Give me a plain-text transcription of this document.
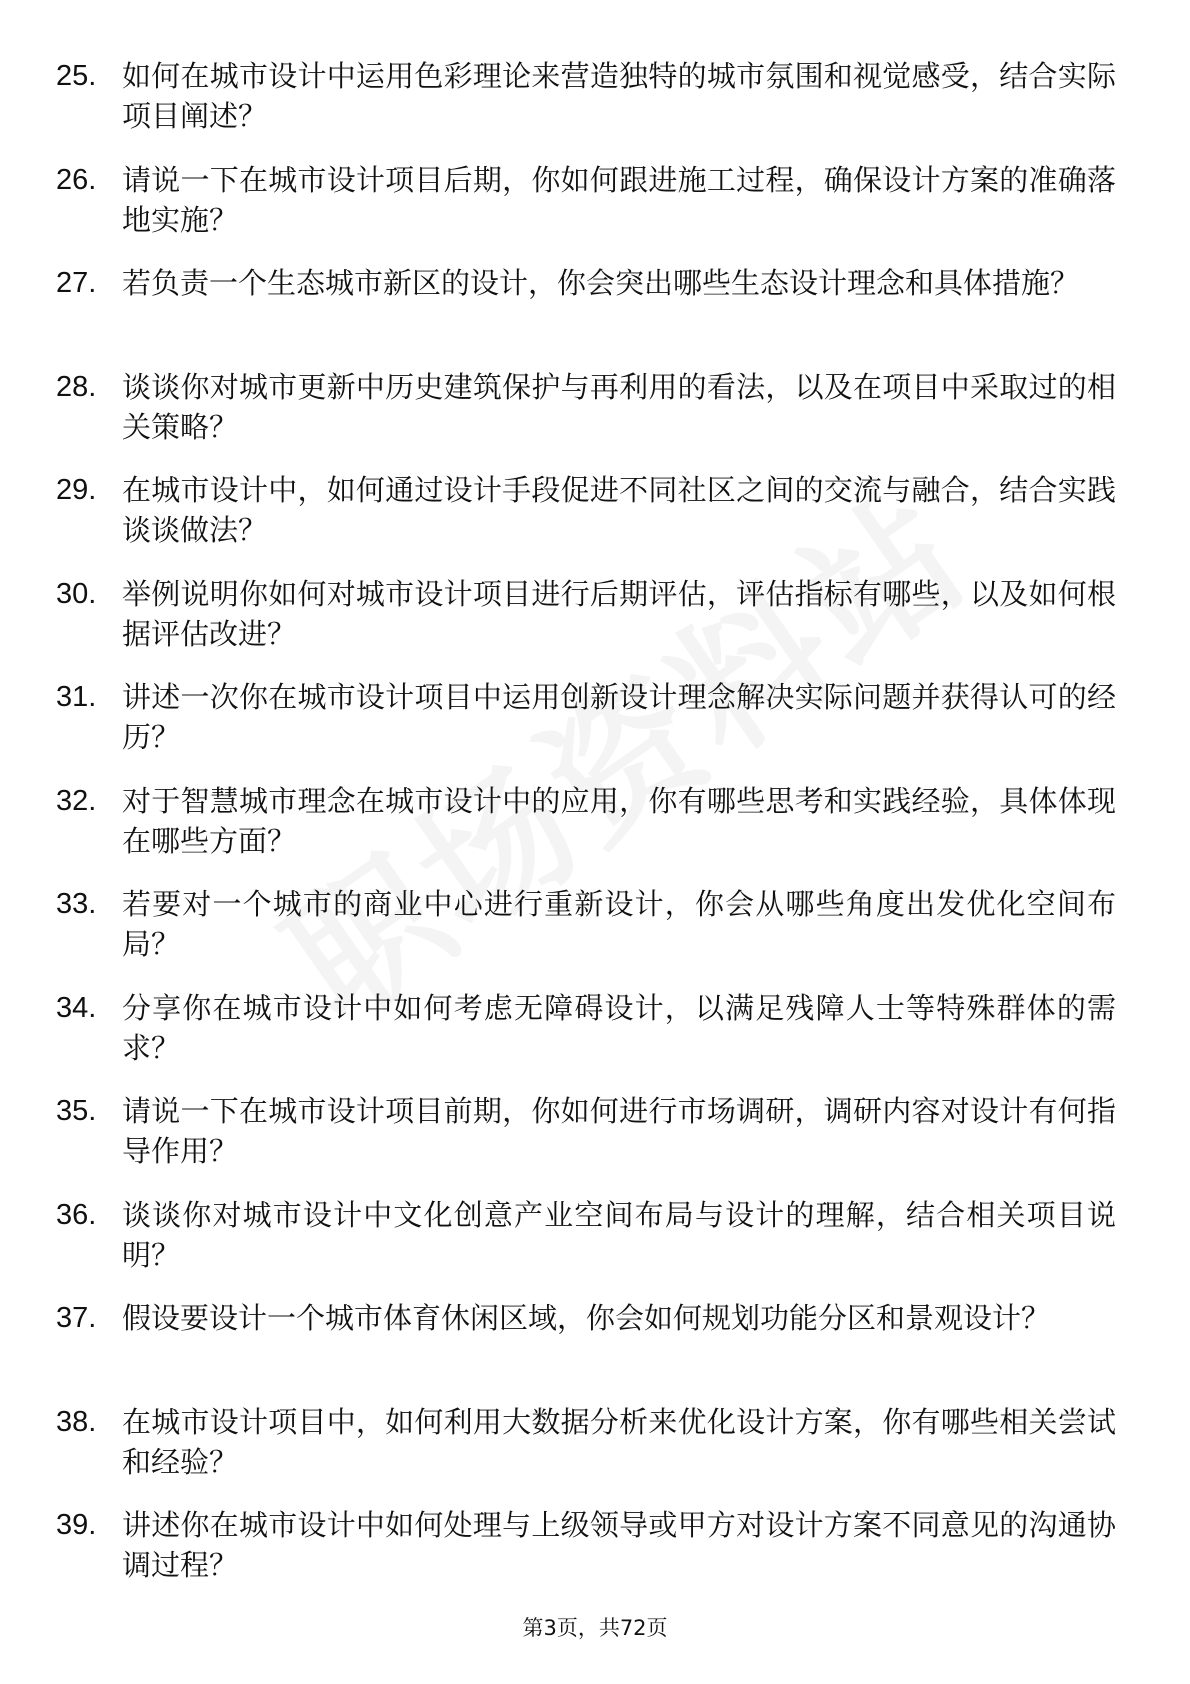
25. 如何在城市设计中运用色彩理论来营造独特的城市氛围和视觉感受，结合实际项目阐述？
26. 请说一下在城市设计项目后期，你如何跟进施工过程，确保设计方案的准确落地实施？
27. 若负责一个生态城市新区的设计，你会突出哪些生态设计理念和具体措施？
28. 谈谈你对城市更新中历史建筑保护与再利用的看法，以及在项目中采取过的相关策略？
29. 在城市设计中，如何通过设计手段促进不同社区之间的交流与融合，结合实践谈谈做法？
30. 举例说明你如何对城市设计项目进行后期评估，评估指标有哪些，以及如何根据评估改进？
31. 讲述一次你在城市设计项目中运用创新设计理念解决实际问题并获得认可的经历？
32. 对于智慧城市理念在城市设计中的应用，你有哪些思考和实践经验，具体体现在哪些方面？
33. 若要对一个城市的商业中心进行重新设计，你会从哪些角度出发优化空间布局？
34. 分享你在城市设计中如何考虑无障碍设计，以满足残障人士等特殊群体的需求？
35. 请说一下在城市设计项目前期，你如何进行市场调研，调研内容对设计有何指导作用？
36. 谈谈你对城市设计中文化创意产业空间布局与设计的理解，结合相关项目说明？
37. 假设要设计一个城市体育休闲区域，你会如何规划功能分区和景观设计？
38. 在城市设计项目中，如何利用大数据分析来优化设计方案，你有哪些相关尝试和经验？
39. 讲述你在城市设计中如何处理与上级领导或甲方对设计方案不同意见的沟通协调过程？
第3页，共72页
